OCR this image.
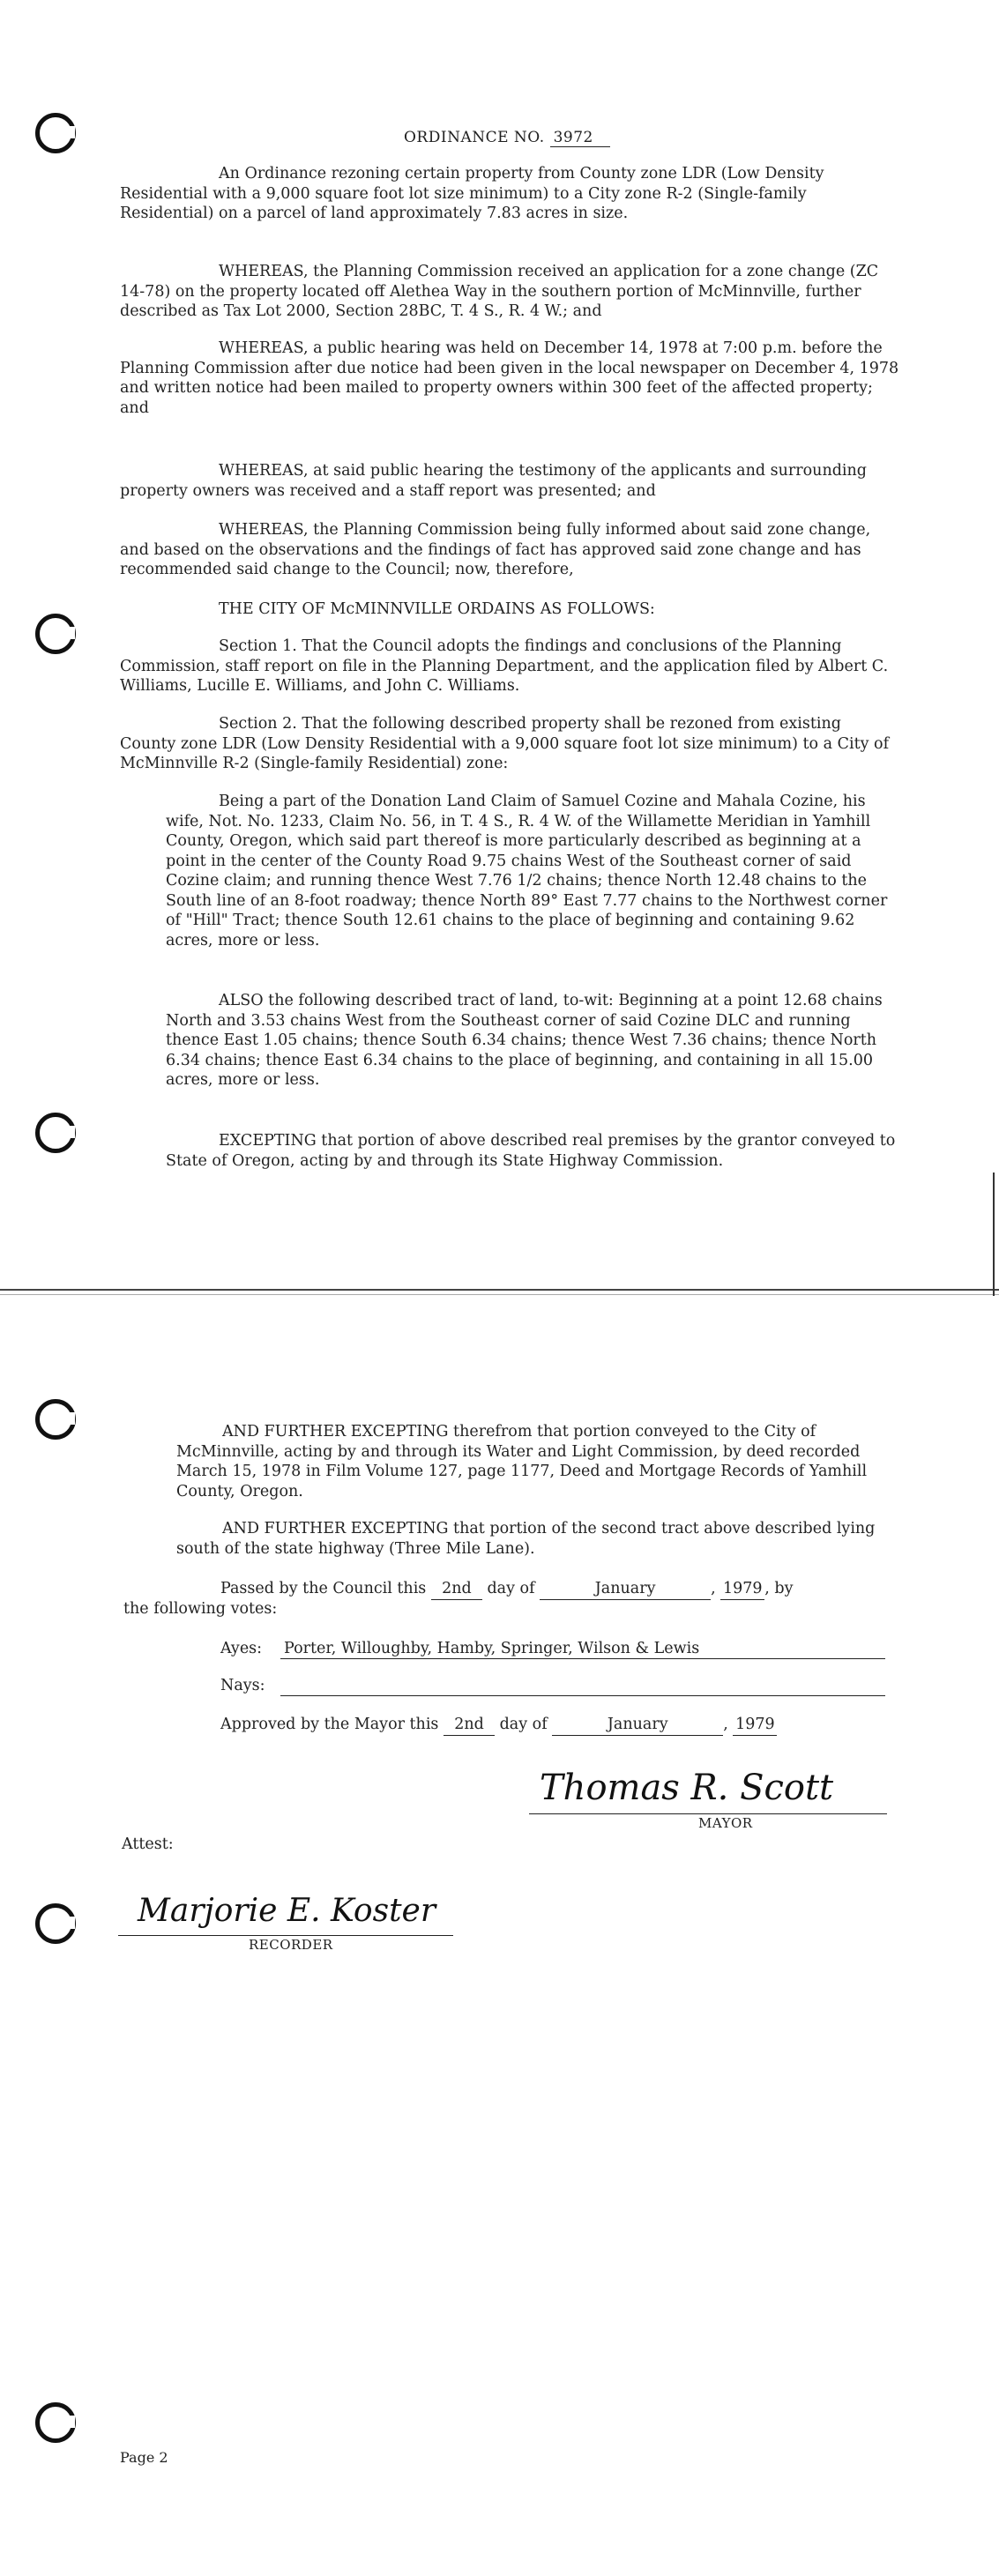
ORDINANCE NO. 3972
An Ordinance rezoning certain property from County zone LDR (Low Density Residential with a 9,000 square foot lot size minimum) to a City zone R-2 (Single-family Residential) on a parcel of land approximately 7.83 acres in size.
WHEREAS, the Planning Commission received an application for a zone change (ZC 14-78) on the property located off Alethea Way in the southern portion of McMinnville, further described as Tax Lot 2000, Section 28BC, T. 4 S., R. 4 W.; and
WHEREAS, a public hearing was held on December 14, 1978 at 7:00 p.m. before the Planning Commission after due notice had been given in the local newspaper on December 4, 1978 and written notice had been mailed to property owners within 300 feet of the affected property; and
WHEREAS, at said public hearing the testimony of the applicants and surrounding property owners was received and a staff report was presented; and
WHEREAS, the Planning Commission being fully informed about said zone change, and based on the observations and the findings of fact has approved said zone change and has recommended said change to the Council; now, therefore,
THE CITY OF McMINNVILLE ORDAINS AS FOLLOWS:
Section 1. That the Council adopts the findings and conclusions of the Planning Commission, staff report on file in the Planning Department, and the application filed by Albert C. Williams, Lucille E. Williams, and John C. Williams.
Section 2. That the following described property shall be rezoned from existing County zone LDR (Low Density Residential with a 9,000 square foot lot size minimum) to a City of McMinnville R-2 (Single-family Residential) zone:
Being a part of the Donation Land Claim of Samuel Cozine and Mahala Cozine, his wife, Not. No. 1233, Claim No. 56, in T. 4 S., R. 4 W. of the Willamette Meridian in Yamhill County, Oregon, which said part thereof is more particularly described as beginning at a point in the center of the County Road 9.75 chains West of the Southeast corner of said Cozine claim; and running thence West 7.76 1/2 chains; thence North 12.48 chains to the South line of an 8-foot roadway; thence North 89° East 7.77 chains to the Northwest corner of "Hill" Tract; thence South 12.61 chains to the place of beginning and containing 9.62 acres, more or less.
ALSO the following described tract of land, to-wit: Beginning at a point 12.68 chains North and 3.53 chains West from the Southeast corner of said Cozine DLC and running thence East 1.05 chains; thence South 6.34 chains; thence West 7.36 chains; thence North 6.34 chains; thence East 6.34 chains to the place of beginning, and containing in all 15.00 acres, more or less.
EXCEPTING that portion of above described real premises by the grantor conveyed to State of Oregon, acting by and through its State Highway Commission.
AND FURTHER EXCEPTING therefrom that portion conveyed to the City of McMinnville, acting by and through its Water and Light Commission, by deed recorded March 15, 1978 in Film Volume 127, page 1177, Deed and Mortgage Records of Yamhill County, Oregon.
AND FURTHER EXCEPTING that portion of the second tract above described lying south of the state highway (Three Mile Lane).
Passed by the Council this 2nd day of	January	, 1979 , by
the following votes:
Ayes: Porter, Willoughby, Hamby, Springer, Wilson & Lewis
Nays:
Approved by the Mayor this 2nd day of	January	, 1979
Thomas R. Scott
MAYOR
Attest:
Marjorie E. Koster
RECORDER
Page 2
